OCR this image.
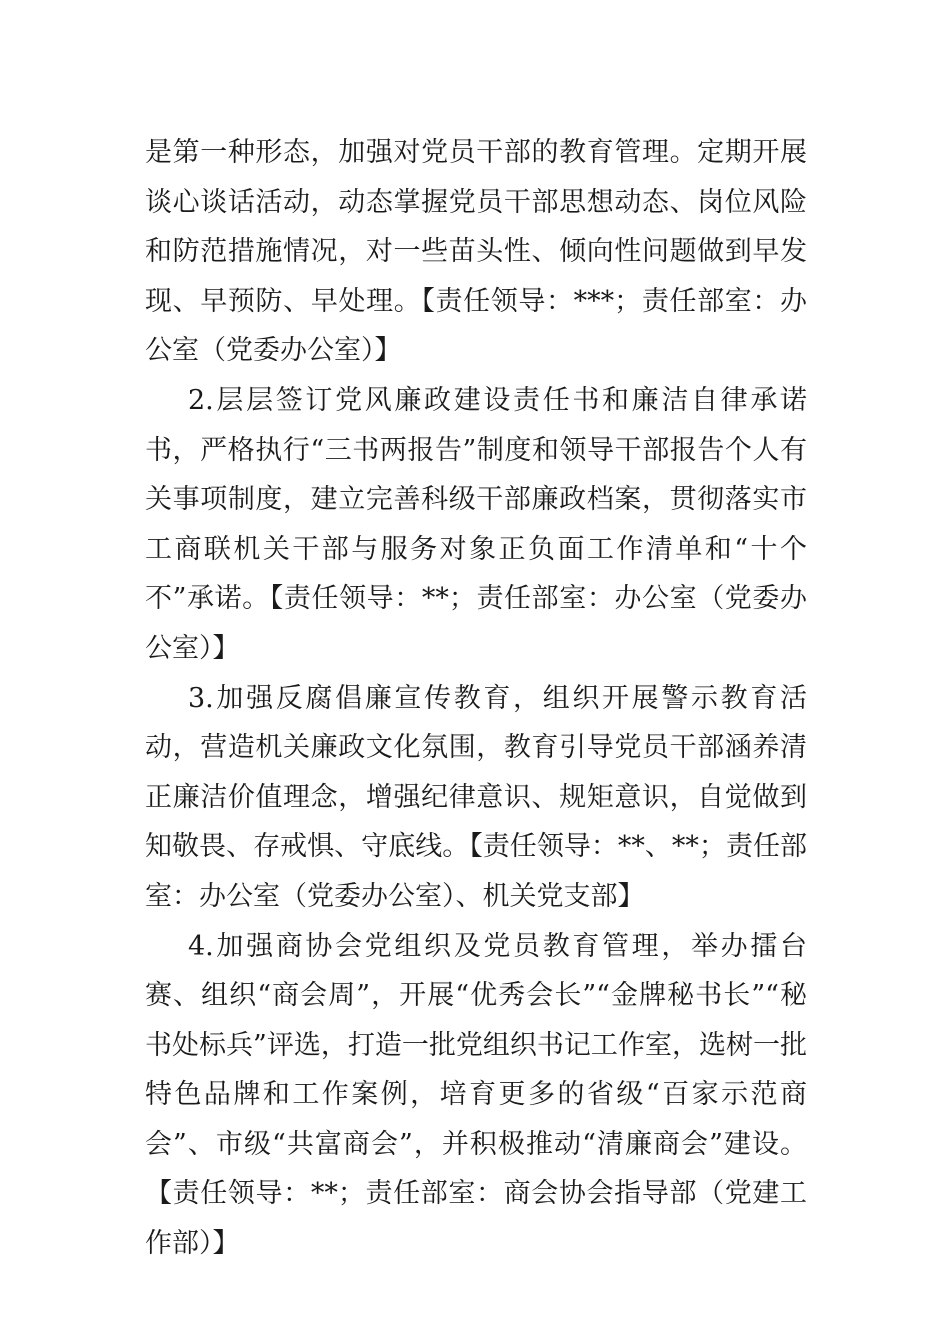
是第一种形态，加强对党员干部的教育管理。定期开展谈心谈话活动，动态掌握党员干部思想动态、岗位风险和防范措施情况，对一些苗头性、倾向性问题做到早发现、早预防、早处理。【责任领导：***；责任部室：办公室（党委办公室）】

2.层层签订党风廉政建设责任书和廉洁自律承诺书，严格执行“三书两报告”制度和领导干部报告个人有关事项制度，建立完善科级干部廉政档案，贯彻落实市工商联机关干部与服务对象正负面工作清单和“十个不”承诺。【责任领导：**；责任部室：办公室（党委办公室）】

3.加强反腐倡廉宣传教育，组织开展警示教育活动，营造机关廉政文化氛围，教育引导党员干部涵养清正廉洁价值理念，增强纪律意识、规矩意识，自觉做到知敬畏、存戒惧、守底线。【责任领导：**、**；责任部室：办公室（党委办公室）、机关党支部】

4.加强商协会党组织及党员教育管理，举办擂台赛、组织“商会周”，开展“优秀会长”“金牌秘书长”“秘书处标兵”评选，打造一批党组织书记工作室，选树一批特色品牌和工作案例，培育更多的省级“百家示范商会”、市级“共富商会”，并积极推动“清廉商会”建设。【责任领导：**；责任部室：商会协会指导部（党建工作部）】
